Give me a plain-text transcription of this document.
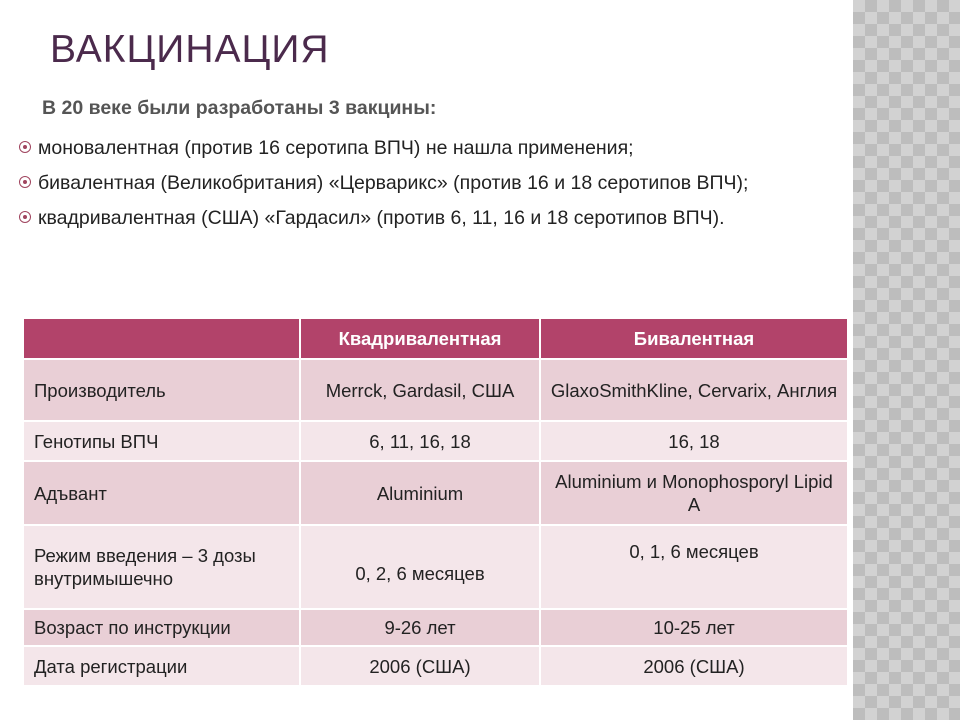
ВАКЦИНАЦИЯ
В 20 веке были разработаны 3 вакцины:
моновалентная (против 16 серотипа ВПЧ) не нашла применения;
бивалентная (Великобритания) «Церварикс» (против 16 и 18 серотипов ВПЧ);
квадривалентная (США) «Гардасил» (против 6, 11, 16 и 18 серотипов ВПЧ).
	Квадривалентная	Бивалентная
Производитель	Merrck, Gardasil, США	GlaxoSmithKline, Cervarix, Англия
Генотипы ВПЧ	6, 11, 16, 18	16, 18
Адъвант	Aluminium	Aluminium и Monophosporyl Lipid A
Режим введения – 3 дозы внутримышечно	0, 2, 6 месяцев	0, 1, 6 месяцев
Возраст по инструкции	9-26 лет	10-25 лет
Дата регистрации	2006 (США)	2006 (США)
